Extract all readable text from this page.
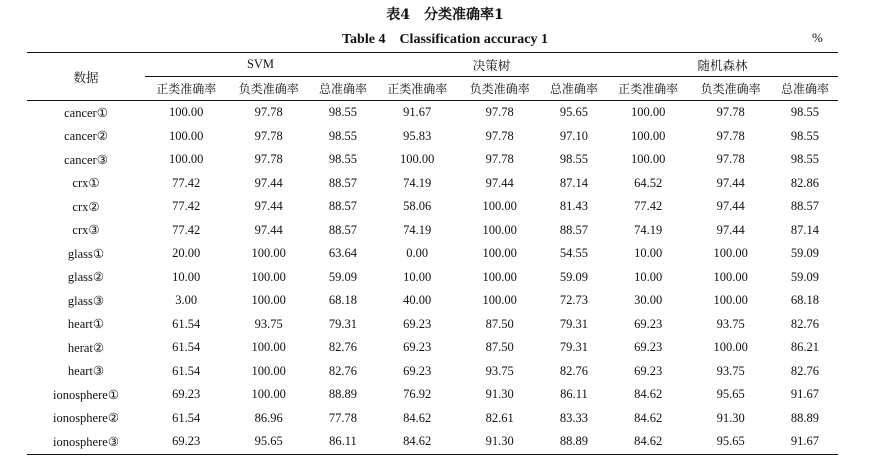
表4　分类准确率1
Table 4　Classification accuracy 1	%
数据	SVM			决策树			随机森林		
	正类准确率	负类准确率	总准确率	正类准确率	负类准确率	总准确率	正类准确率	负类准确率	总准确率
cancer①	100.00	97.78	98.55	91.67	97.78	95.65	100.00	97.78	98.55
cancer②	100.00	97.78	98.55	95.83	97.78	97.10	100.00	97.78	98.55
cancer③	100.00	97.78	98.55	100.00	97.78	98.55	100.00	97.78	98.55
crx①	77.42	97.44	88.57	74.19	97.44	87.14	64.52	97.44	82.86
crx②	77.42	97.44	88.57	58.06	100.00	81.43	77.42	97.44	88.57
crx③	77.42	97.44	88.57	74.19	100.00	88.57	74.19	97.44	87.14
glass①	20.00	100.00	63.64	0.00	100.00	54.55	10.00	100.00	59.09
glass②	10.00	100.00	59.09	10.00	100.00	59.09	10.00	100.00	59.09
glass③	3.00	100.00	68.18	40.00	100.00	72.73	30.00	100.00	68.18
heart①	61.54	93.75	79.31	69.23	87.50	79.31	69.23	93.75	82.76
herat②	61.54	100.00	82.76	69.23	87.50	79.31	69.23	100.00	86.21
heart③	61.54	100.00	82.76	69.23	93.75	82.76	69.23	93.75	82.76
ionosphere①	69.23	100.00	88.89	76.92	91.30	86.11	84.62	95.65	91.67
ionosphere②	61.54	86.96	77.78	84.62	82.61	83.33	84.62	91.30	88.89
ionosphere③	69.23	95.65	86.11	84.62	91.30	88.89	84.62	95.65	91.67
